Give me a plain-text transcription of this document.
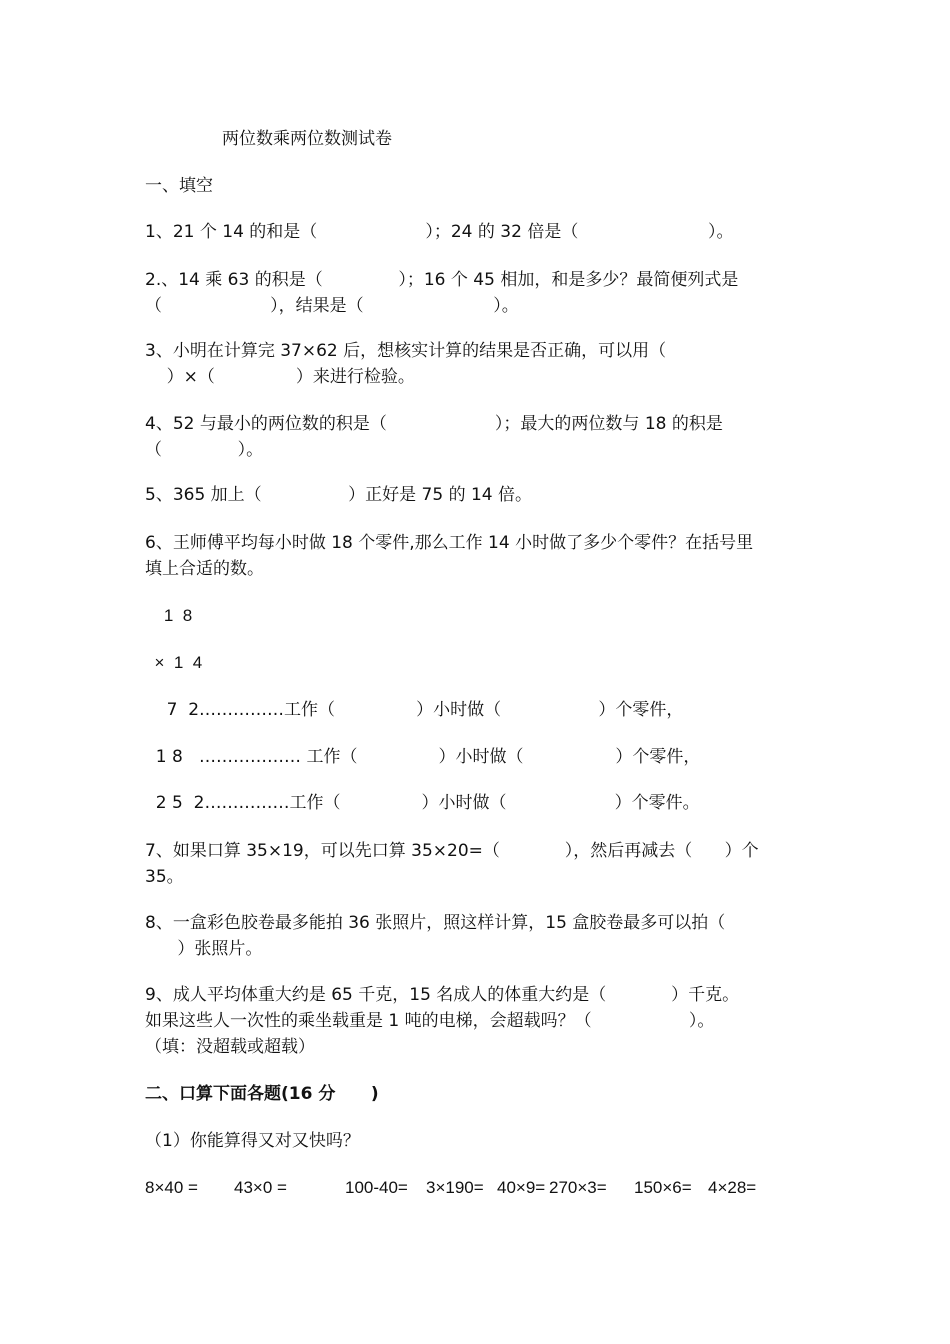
两位数乘两位数测试卷
一、填空
1、21 个 14 的和是（                    ）；24 的 32 倍是（                        ）。
2.、14 乘 63 的积是（              ）；16 个 45 相加，和是多少？最简便列式是
（                    ），结果是（                        ）。
3、小明在计算完 37×62 后，想核实计算的结果是否正确，可以用（
）×（               ）来进行检验。
4、52 与最小的两位数的积是（                    ）；最大的两位数与 18 的积是
（              ）。
5、365 加上（                ）正好是 75 的 14 倍。
6、王师傅平均每小时做 18 个零件,那么工作 14 小时做了多少个零件？在括号里
填上合适的数。
1  8
×  1  4
7  2……………工作（               ）小时做（                  ）个零件，
1 8   ……………… 工作（               ）小时做（                 ）个零件，
2 5  2……………工作（               ）小时做（                    ）个零件。
7、如果口算 35×19，可以先口算 35×20=（            ），然后再减去（      ）个
35。
8、一盒彩色胶卷最多能拍 36 张照片，照这样计算，15 盒胶卷最多可以拍（
）张照片。
9、成人平均体重大约是 65 千克，15 名成人的体重大约是（            ）千克。
如果这些人一次性的乘坐载重是 1 吨的电梯，会超载吗？（                  ）。
（填：没超载或超载）
二、口算下面各题(16 分      )
（1）你能算得又对又快吗？
8×40 = 43×0 =	100-40= 3×190= 40×9= 270×3= 150×6= 4×28=
